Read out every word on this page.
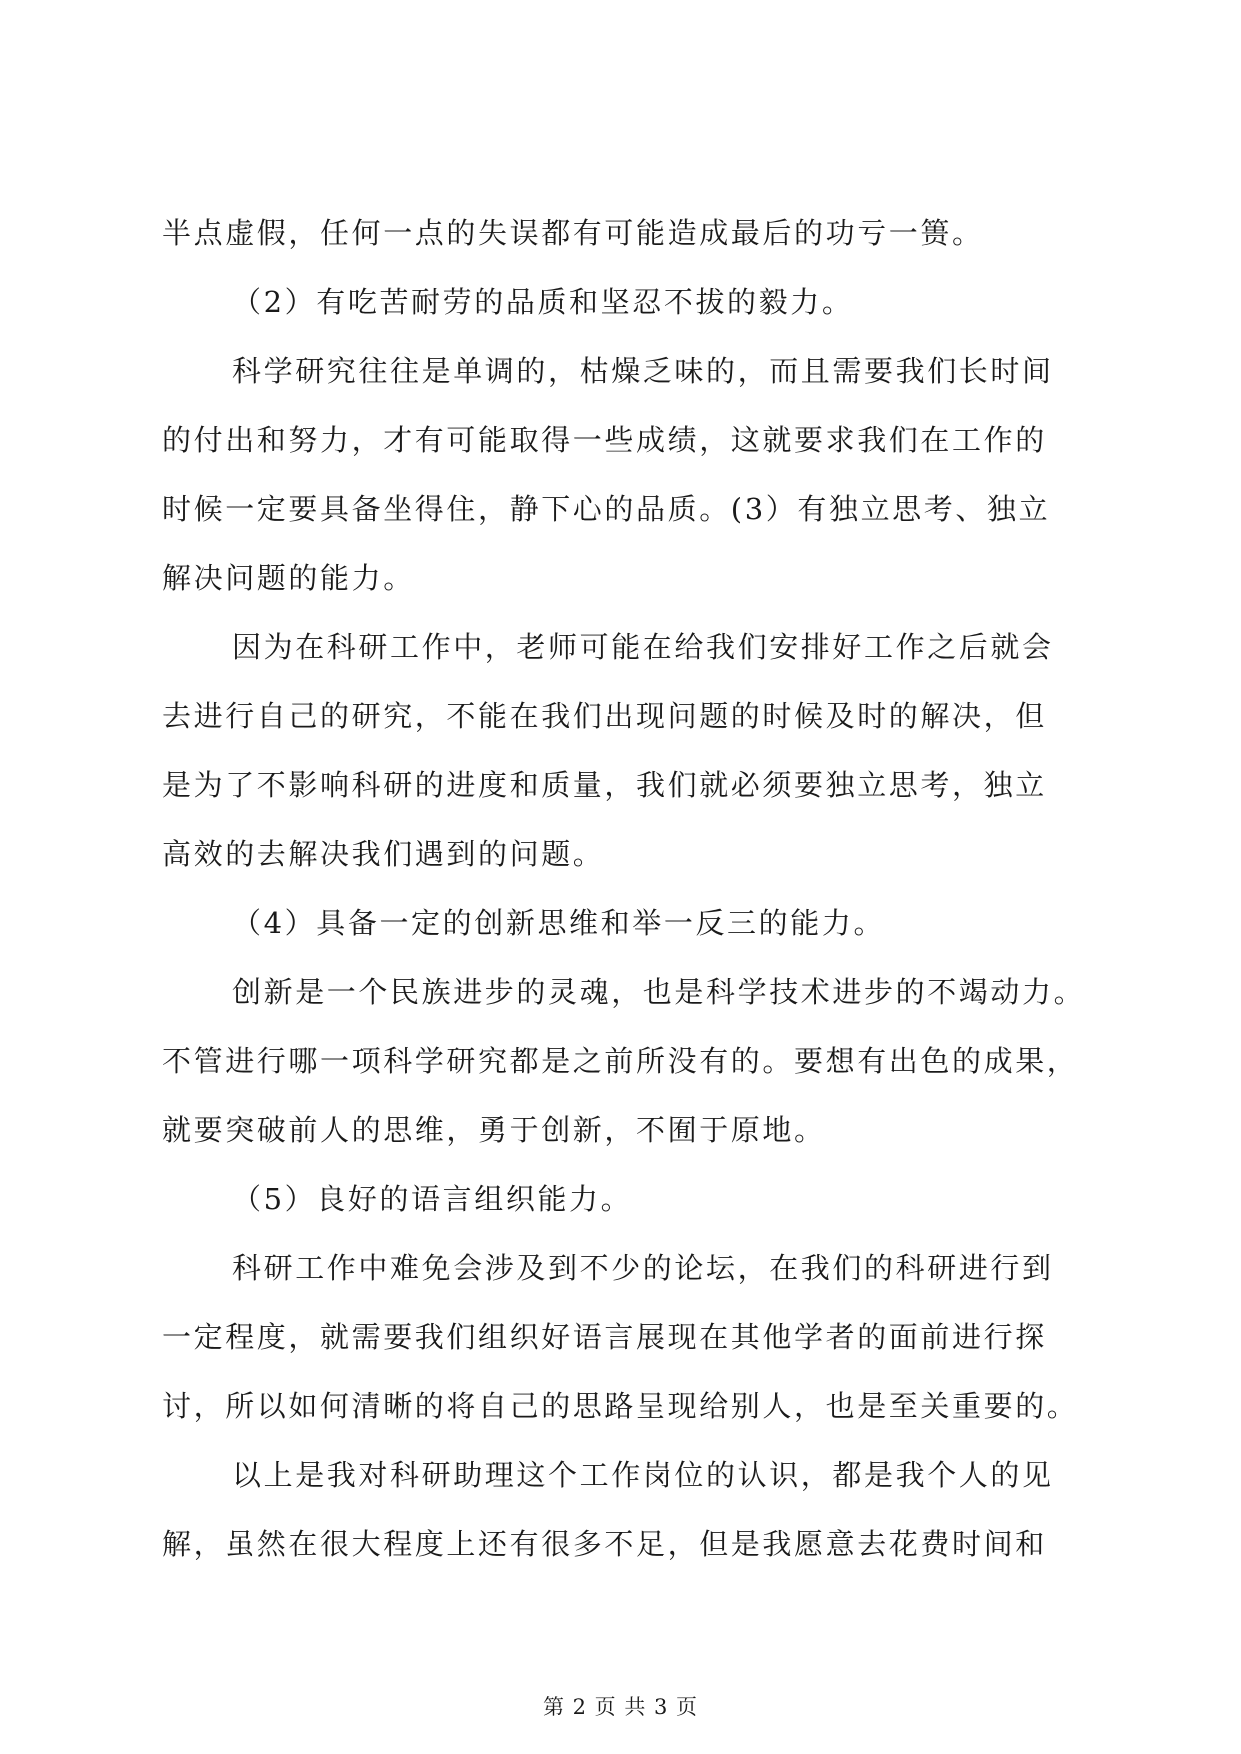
半点虚假，任何一点的失误都有可能造成最后的功亏一篑。
（2）有吃苦耐劳的品质和坚忍不拔的毅力。
科学研究往往是单调的，枯燥乏味的，而且需要我们长时间
的付出和努力，才有可能取得一些成绩，这就要求我们在工作的
时候一定要具备坐得住，静下心的品质。(3）有独立思考、独立
解决问题的能力。
因为在科研工作中，老师可能在给我们安排好工作之后就会
去进行自己的研究，不能在我们出现问题的时候及时的解决，但
是为了不影响科研的进度和质量，我们就必须要独立思考，独立
高效的去解决我们遇到的问题。
（4）具备一定的创新思维和举一反三的能力。
创新是一个民族进步的灵魂，也是科学技术进步的不竭动力。
不管进行哪一项科学研究都是之前所没有的。要想有出色的成果，
就要突破前人的思维，勇于创新，不囿于原地。
（5）良好的语言组织能力。
科研工作中难免会涉及到不少的论坛，在我们的科研进行到
一定程度，就需要我们组织好语言展现在其他学者的面前进行探
讨，所以如何清晰的将自己的思路呈现给别人，也是至关重要的。
以上是我对科研助理这个工作岗位的认识，都是我个人的见
解，虽然在很大程度上还有很多不足，但是我愿意去花费时间和
第 2 页 共 3 页
